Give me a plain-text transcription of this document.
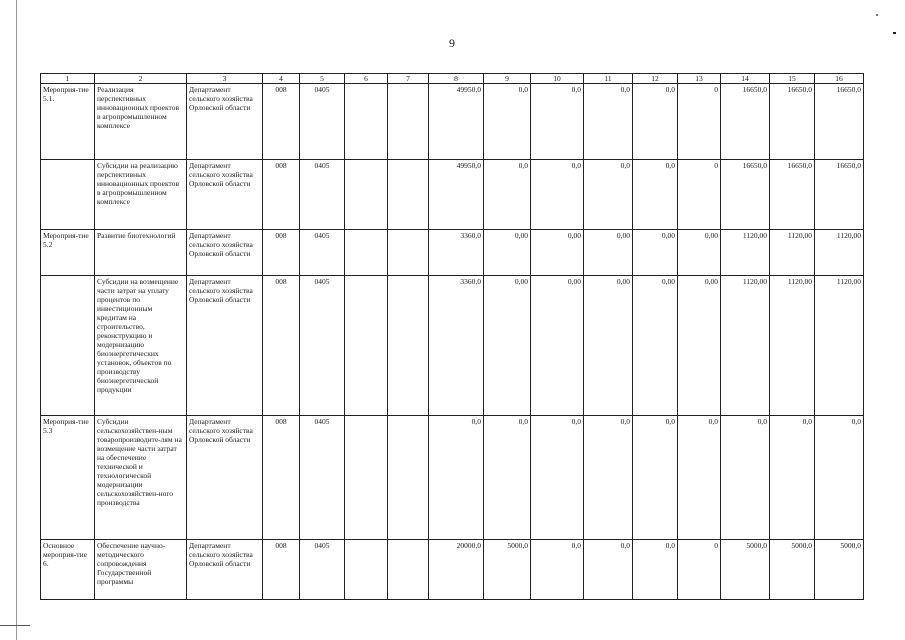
9
1	2	3	4	5	6	7	8	9	10	11	12	13	14	15	16
Мероприя-тие 5.1.	Реализация перспективных инновационных проектов в агропромышленном комплексе	Департамент сельского хозяйства Орловской области	008	0405			49950,0	0,0	0,0	0,0	0,0	0	16650,0	16650,0	16650,0
	Субсидии на реализацию перспективных инновационных проектов в агропромышленном комплексе	Департамент сельского хозяйства Орловской области	008	0405			49950,0	0,0	0,0	0,0	0,0	0	16650,0	16650,0	16650,0
Мероприя-тие 5.2	Развитие биотехнологий	Департамент сельского хозяйства Орловской области	008	0405			3360,0	0,00	0,00	0,00	0,00	0,00	1120,00	1120,00	1120,00
	Субсидии на возмещение части затрат на уплату процентов по инвестиционным кредитам на строительство, реконструкцию и модернизацию биоэнергетических установок, объектов по производству биоэнергетической продукции	Департамент сельского хозяйства Орловской области	008	0405			3360,0	0,00	0,00	0,00	0,00	0,00	1120,00	1120,00	1120,00
Мероприя-тие 5.3	Субсидии сельскохозяйствен-ным товаропроизводите-лям на возмещение части затрат на обеспечение технической и технологической модернизации сельскохозяйствен-ного производства	Департамент сельского хозяйства Орловской области	008	0405			0,0	0,0	0,0	0,0	0,0	0,0	0,0	0,0	0,0
Основное мероприя-тие 6.	Обеспечение научно-методического сопровождения Государственной программы	Департамент сельского хозяйства Орловской области	008	0405			20000,0	5000,0	0,0	0,0	0,0	0	5000,0	5000,0	5000,0
